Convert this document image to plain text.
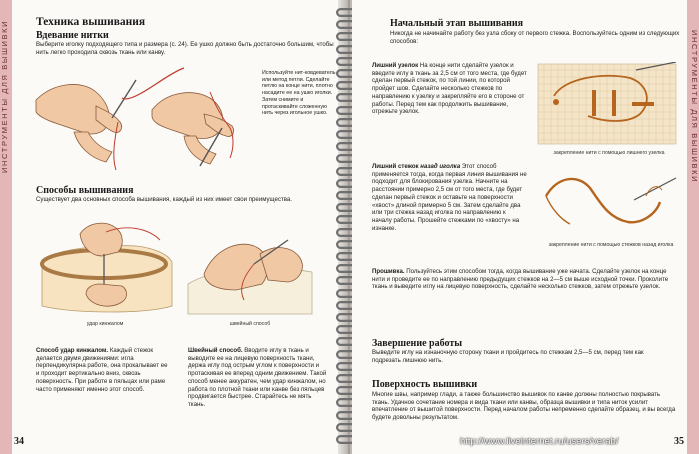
ИНСТРУМЕНТЫ ДЛЯ ВЫШИВКИ Техника вышивания
Вдевание нитки
Выберите иголку подходящего типа и размера (с. 24). Ее ушко должно быть достаточно большим, чтобы нить легко проходила сквозь ткань или канву.
Используйте нит-ковдеватель или метод петли. Сделайте петлю на конце нити, плотно насадите ее на ушко иголки. Затем снимите и протаскивайте сложенную нить через игольное ушко.
Способы вышивания
Существует два основных способа вышивания, каждый из них имеет свои преимущества.
удар кинжалом	швейный способ
Способ удар кинжалом. Каждый стежок делается двумя движениями: игла перпендикулярна работе, она прокалывает ее и проходит вертикально вниз, сквозь поверхность. При работе в пяльцах или раме часто применяют именно этот способ.
Швейный способ. Вводите иглу в ткань и выводите ее на лицевую поверхность ткани, держа иглу под острым углом к поверхности и протаскивая ее вперед одним движением. Такой способ менее аккуратен, чем удар кинжалом, но работа по плотной ткани или канве без пяльцев продвигается быстрее. Старайтесь не мять ткань.
34
ИНСТРУМЕНТЫ ДЛЯ ВЫШИВКИ
Начальный этап вышивания
Никогда не начинайте работу без узла сбоку от первого стежка. Воспользуйтесь одним из следующих способов:
Лишний узелок На конце нити сделайте узелок и введите иглу в ткань за 2,5 см от того места, где будет сделан первый стежок, по той линии, по которой пройдет шов. Сделайте несколько стежков по направлению к узелку и закрепляйте его в стороне от работы. Перед тем как продолжить вышивание, отрежьте узелок.
закрепление нити с помощью лишнего узелка
Лишний стежок назад иголка Этот способ применяется тогда, когда первая линия вышивания не подходит для блокирования узелка. Начните на расстоянии примерно 2,5 см от того места, где будет сделан первый стежок и оставьте на поверхности «хвост» длиной примерно 5 см. Затем сделайте два или три стежка назад иголка по направлению к началу работы. Прошейте стежками по «хвосту» на изнанке.
закрепление нити с помощью стежков назад иголка
Прошивка. Пользуйтесь этим способом тогда, когда вышивание уже начата. Сделайте узелок на конце нити и проведите ее по направлению предыдущих стежков на 2—5 см выше исходной точки. Проколите ткань и выведите иглу на лицевую поверхность, сделайте несколько стежков, затем отрежьте узелок.
Завершение работы
Выведите иглу на изнаночную сторону ткани и пройдитесь по стежкам 2,5—5 см, перед тем как подрезать лишнюю нить.
Поверхность вышивки
Многие швы, например глади, а также большинство вышивок по канве должны полностью покрывать ткань. Удачное сочетание номера и вида ткани или канвы, образца вышивки и типа ниток усилит впечатление от вышитой поверхности. Перед началом работы непременно сделайте образец, и вы всегда будете довольны результатом.
35
http://www.liveinternet.ru/users/verab/
